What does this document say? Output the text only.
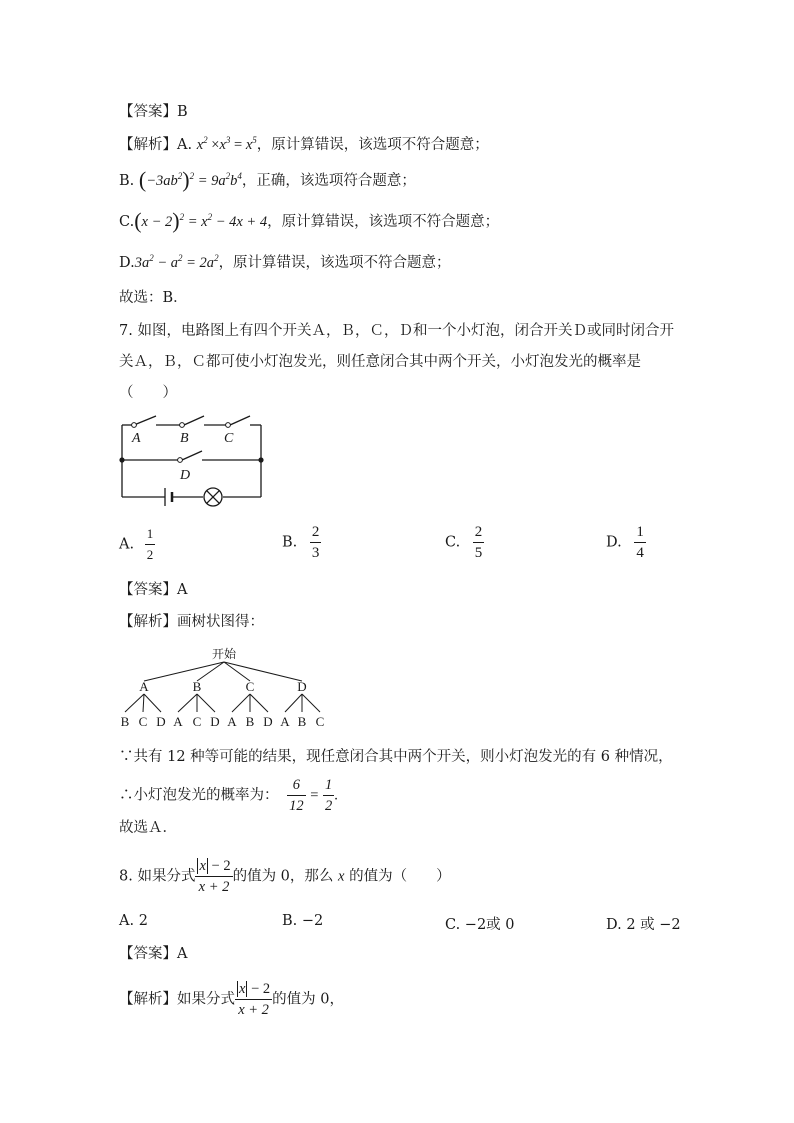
【答案】B
【解析】A. $x^2 \times x^3 = x^5$，原计算错误，该选项不符合题意；
B. $(-3ab^2)^2 = 9a^2b^4$，正确，该选项符合题意；
$C.(x - 2)^2 = x^2 - 4x + 4$，原计算错误，该选项不符合题意；
$D.3a^2 - a^2 = 2a^2$，原计算错误，该选项不符合题意；
故选：B．
7. 如图，电路图上有四个开关Ａ，Ｂ，Ｃ，Ｄ和一个小灯泡，闭合开关Ｄ或同时闭合开
关Ａ，Ｂ，Ｃ都可使小灯泡发光，则任意闭合其中两个开关，小灯泡发光的概率是
（　　）
A	B	C
D
A. $\frac{1}{2}$	B. $\frac{2}{3}$	C. $\frac{2}{5}$	D. $\frac{1}{4}$
【答案】A
【解析】画树状图得：
开始
A	B	C	D
B C D A C D A B D A B C
∵共有 12 种等可能的结果，现任意闭合其中两个开关，则小灯泡发光的有 6 种情况，
∴小灯泡发光的概率为： $\frac{6}{12} = \frac{1}{2}$ .
故选Ａ．
8. 如果分式 $\frac{x - 2}{x + 2}$ 的值为 0，那么 x 的值为（　　）
A. 2	B. −2	C. −2或 0	D. 2 或 −2
【答案】A
【解析】如果分式 $\frac{x - 2}{x + 2}$ 的值为 0，
